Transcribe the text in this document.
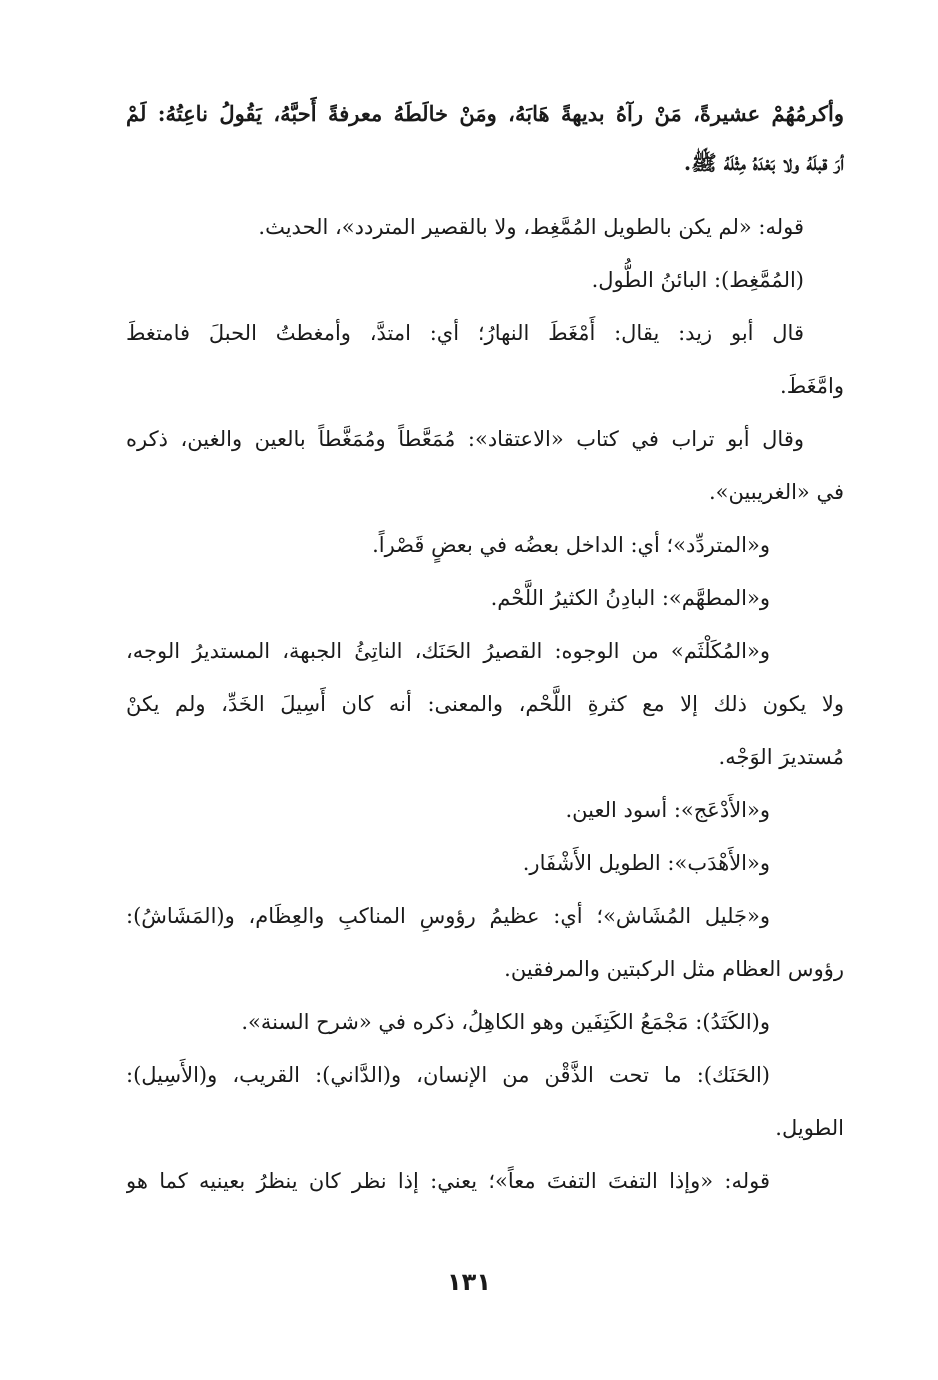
وأكرمُهُمْ عشيرةً، مَنْ رآهُ بديهةً هَابَهُ، ومَنْ خالَطَهُ معرفةً أَحبَّهُ، يَقُولُ ناعِتُهُ: لَمْ
أرَ قبلَهُ ولا بَعْدَهُ مِثْلَهُ ﷺ.
قوله: «لم يكن بالطويل المُمَّغِط، ولا بالقصير المتردد»، الحديث.
(المُمَّغِط): البائنُ الطُّول.
قال أبو زيد: يقال: أَمْغَطَ النهارُ؛ أي: امتدَّ، وأمغطتُ الحبلَ فامتغطَ
وامَّغَطَ.
وقال أبو تراب في كتاب «الاعتقاد»: مُمَعَّطاً ومُمَغَّطاً بالعين والغين، ذكره
في «الغريبين».
و«المتردِّد»؛ أي: الداخل بعضُه في بعضٍ قَصْراً.
و«المطهَّم»: البادِنُ الكثيرُ اللَّحْم.
و«المُكَلْثَم» من الوجوه: القصيرُ الحَنَك، الناتِئُ الجبهة، المستديرُ الوجه،
ولا يكون ذلك إلا مع كثرةِ اللَّحْم، والمعنى: أنه كان أَسِيلَ الخَدِّ، ولم يكنْ
مُستديرَ الوَجْه.
و«الأَدْعَج»: أسود العين.
و«الأَهْدَب»: الطويل الأَشْفَار.
و«جَليل المُشَاش»؛ أي: عظيمُ رؤوسِ المناكبِ والعِظَام، و(المَشَاشُ):
رؤوس العظام مثل الركبتين والمرفقين.
و(الكَتَدُ): مَجْمَعُ الكَتِفَين وهو الكاهِلُ، ذكره في «شرح السنة».
(الحَنَك): ما تحت الذَّقْن من الإنسان، و(الدَّاني): القريب، و(الأَسِيل):
الطويل.
قوله: «وإذا التفتَ التفتَ معاً»؛ يعني: إذا نظر كان ينظرُ بعينيه كما هو
١٣١
